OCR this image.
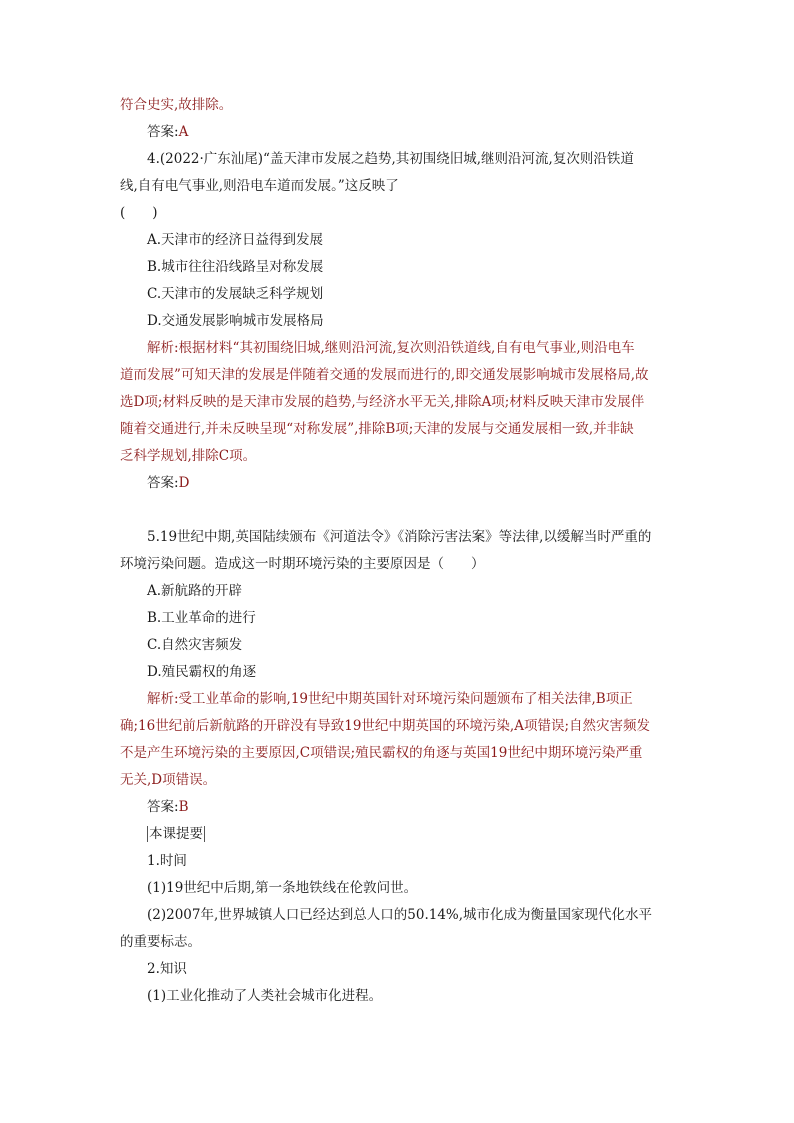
符合史实,故排除。
答案:A
4.(2022·广东汕尾)“盖天津市发展之趋势,其初围绕旧城,继则沿河流,复次则沿铁道
线,自有电气事业,则沿电车道而发展。”这反映了
(　　)
A.天津市的经济日益得到发展
B.城市往往沿线路呈对称发展
C.天津市的发展缺乏科学规划
D.交通发展影响城市发展格局
解析:根据材料“其初围绕旧城,继则沿河流,复次则沿铁道线,自有电气事业,则沿电车
道而发展”可知天津的发展是伴随着交通的发展而进行的,即交通发展影响城市发展格局,故
选D项;材料反映的是天津市发展的趋势,与经济水平无关,排除A项;材料反映天津市发展伴
随着交通进行,并未反映呈现“对称发展”,排除B项;天津的发展与交通发展相一致,并非缺
乏科学规划,排除C项。
答案:D
5.19世纪中期,英国陆续颁布《河道法令》《消除污害法案》等法律,以缓解当时严重的
环境污染问题。造成这一时期环境污染的主要原因是（　　）
A.新航路的开辟
B.工业革命的进行
C.自然灾害频发
D.殖民霸权的角逐
解析:受工业革命的影响,19世纪中期英国针对环境污染问题颁布了相关法律,B项正
确;16世纪前后新航路的开辟没有导致19世纪中期英国的环境污染,A项错误;自然灾害频发
不是产生环境污染的主要原因,C项错误;殖民霸权的角逐与英国19世纪中期环境污染严重
无关,D项错误。
答案:B
本课提要
1.时间
(1)19世纪中后期,第一条地铁线在伦敦问世。
(2)2007年,世界城镇人口已经达到总人口的50.14%,城市化成为衡量国家现代化水平
的重要标志。
2.知识
(1)工业化推动了人类社会城市化进程。
